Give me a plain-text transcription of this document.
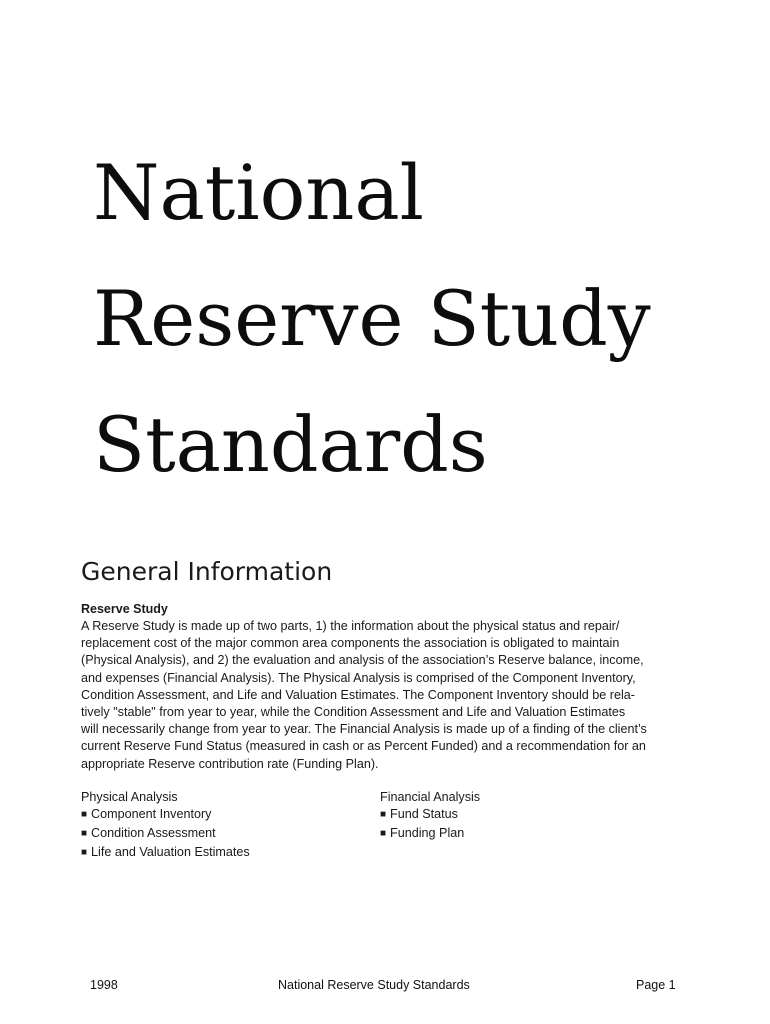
National
Reserve Study
Standards
General Information
Reserve Study

A Reserve Study is made up of two parts, 1) the information about the physical status and repair/
replacement cost of the major common area components the association is obligated to maintain
(Physical Analysis), and 2) the evaluation and analysis of the association’s Reserve balance, income,
and expenses (Financial Analysis). The Physical Analysis is comprised of the Component Inventory,
Condition Assessment, and Life and Valuation Estimates. The Component Inventory should be rela-
tively "stable" from year to year, while the Condition Assessment and Life and Valuation Estimates
will necessarily change from year to year. The Financial Analysis is made up of a finding of the client’s
current Reserve Fund Status (measured in cash or as Percent Funded) and a recommendation for an
appropriate Reserve contribution rate (Funding Plan).

Physical Analysis
■ Component Inventory
■ Condition Assessment
■ Life and Valuation Estimates
Financial Analysis
■ Fund Status
■ Funding Plan
1998	National Reserve Study Standards	Page 1
